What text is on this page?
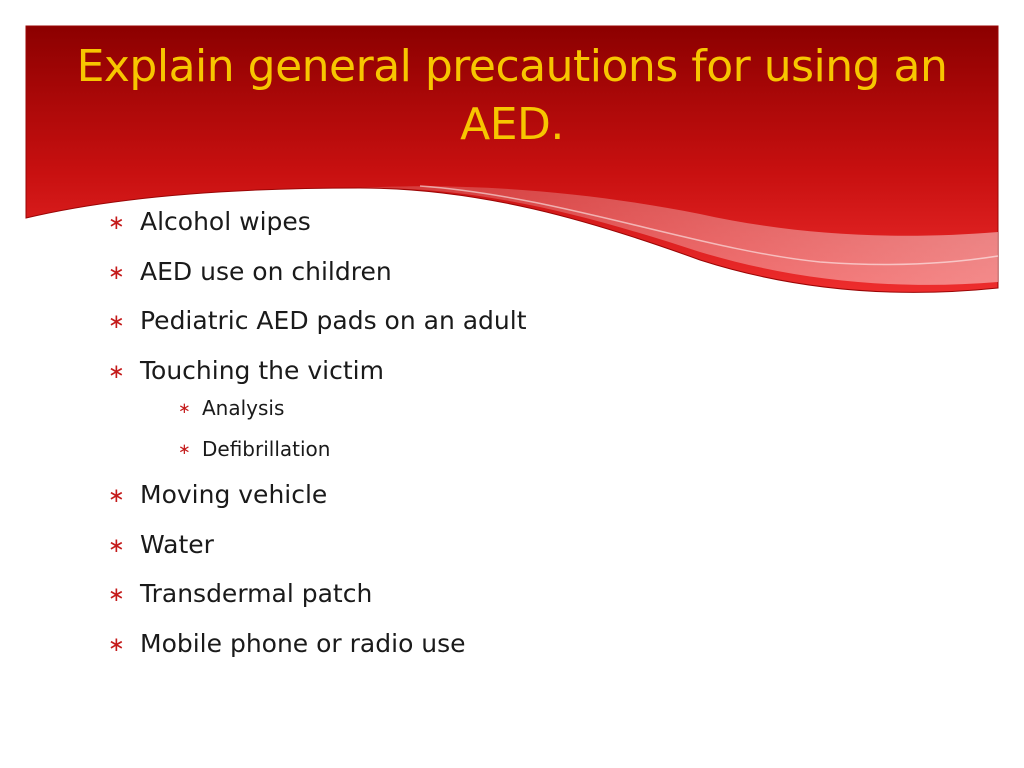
Explain general precautions for using an AED.
∗ Alcohol wipes
∗ AED use on children
∗ Pediatric AED pads on an adult
∗ Touching the victim
∗ Analysis
∗ Defibrillation
∗ Moving vehicle
∗ Water
∗ Transdermal patch
∗ Mobile phone or radio use
